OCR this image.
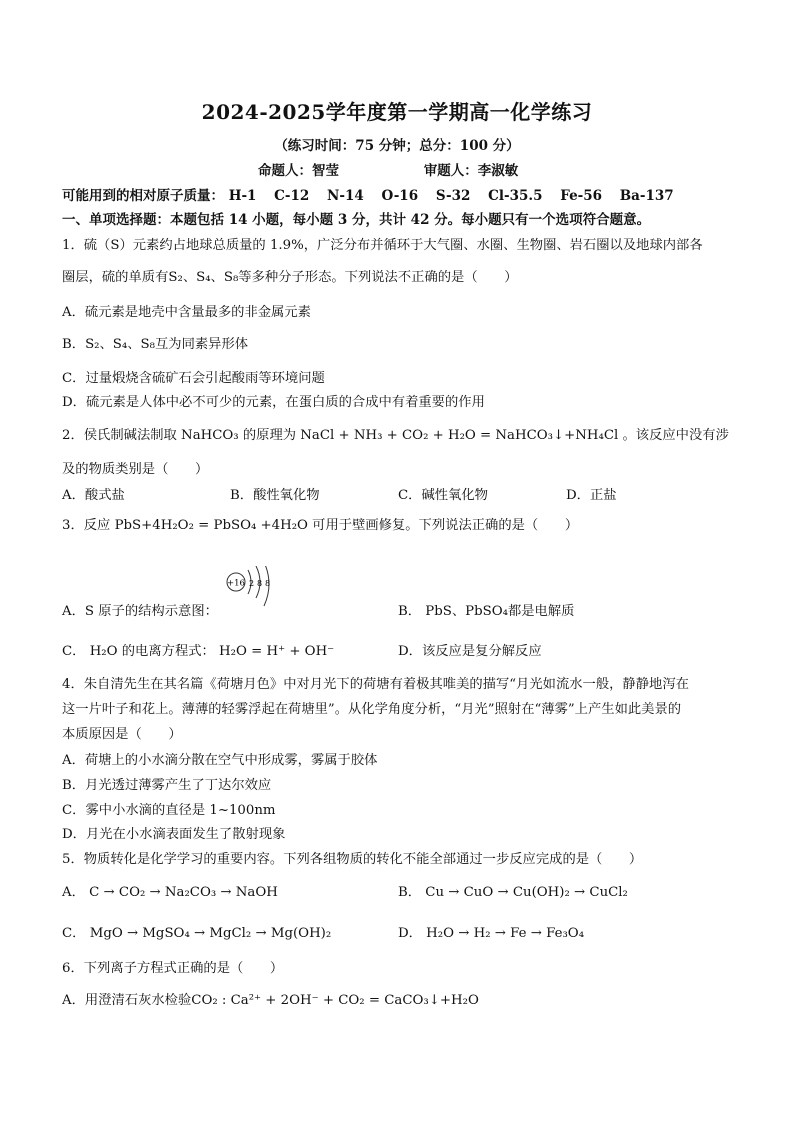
2024-2025学年度第一学期高一化学练习
（练习时间：75 分钟；总分：100 分）
命题人：智莹	审题人：李淑敏
可能用到的相对原子质量： H-1 C-12 N-14 O-16 S-32 Cl-35.5 Fe-56 Ba-137
一、单项选择题：本题包括 14 小题，每小题 3 分，共计 42 分。每小题只有一个选项符合题意。
1．硫（S）元素约占地球总质量的 1.9%，广泛分布并循环于大气圈、水圈、生物圈、岩石圈以及地球内部各
圈层，硫的单质有S₂、S₄、S₈等多种分子形态。下列说法不正确的是（　　）
A．硫元素是地壳中含量最多的非金属元素
B．S₂、S₄、S₈互为同素异形体
C．过量煅烧含硫矿石会引起酸雨等环境问题
D．硫元素是人体中必不可少的元素，在蛋白质的合成中有着重要的作用
2．侯氏制碱法制取 NaHCO₃ 的原理为 NaCl + NH₃ + CO₂ + H₂O = NaHCO₃↓+NH₄Cl 。该反应中没有涉
及的物质类别是（　　）
A．酸式盐	B．酸性氧化物	C．碱性氧化物	D．正盐
3．反应 PbS+4H₂O₂ = PbSO₄ +4H₂O 可用于壁画修复。下列说法正确的是（　　）
A．S 原子的结构示意图：
+16 2 8 8
B． PbS、PbSO₄都是电解质
C． H₂O 的电离方程式： H₂O = H⁺ + OH⁻	D．该反应是复分解反应
4．朱自清先生在其名篇《荷塘月色》中对月光下的荷塘有着极其唯美的描写“月光如流水一般，静静地泻在
这一片叶子和花上。薄薄的轻雾浮起在荷塘里”。从化学角度分析，“月光”照射在“薄雾”上产生如此美景的
本质原因是（　　）
A．荷塘上的小水滴分散在空气中形成雾，雾属于胶体
B．月光透过薄雾产生了丁达尔效应
C．雾中小水滴的直径是 1~100nm
D．月光在小水滴表面发生了散射现象
5．物质转化是化学学习的重要内容。下列各组物质的转化不能全部通过一步反应完成的是（　　）
A． C → CO₂ → Na₂CO₃ → NaOH	B． Cu → CuO → Cu(OH)₂ → CuCl₂
C． MgO → MgSO₄ → MgCl₂ → Mg(OH)₂	D． H₂O → H₂ → Fe → Fe₃O₄
6．下列离子方程式正确的是（　　）
A．用澄清石灰水检验CO₂ : Ca²⁺ + 2OH⁻ + CO₂ = CaCO₃↓+H₂O
